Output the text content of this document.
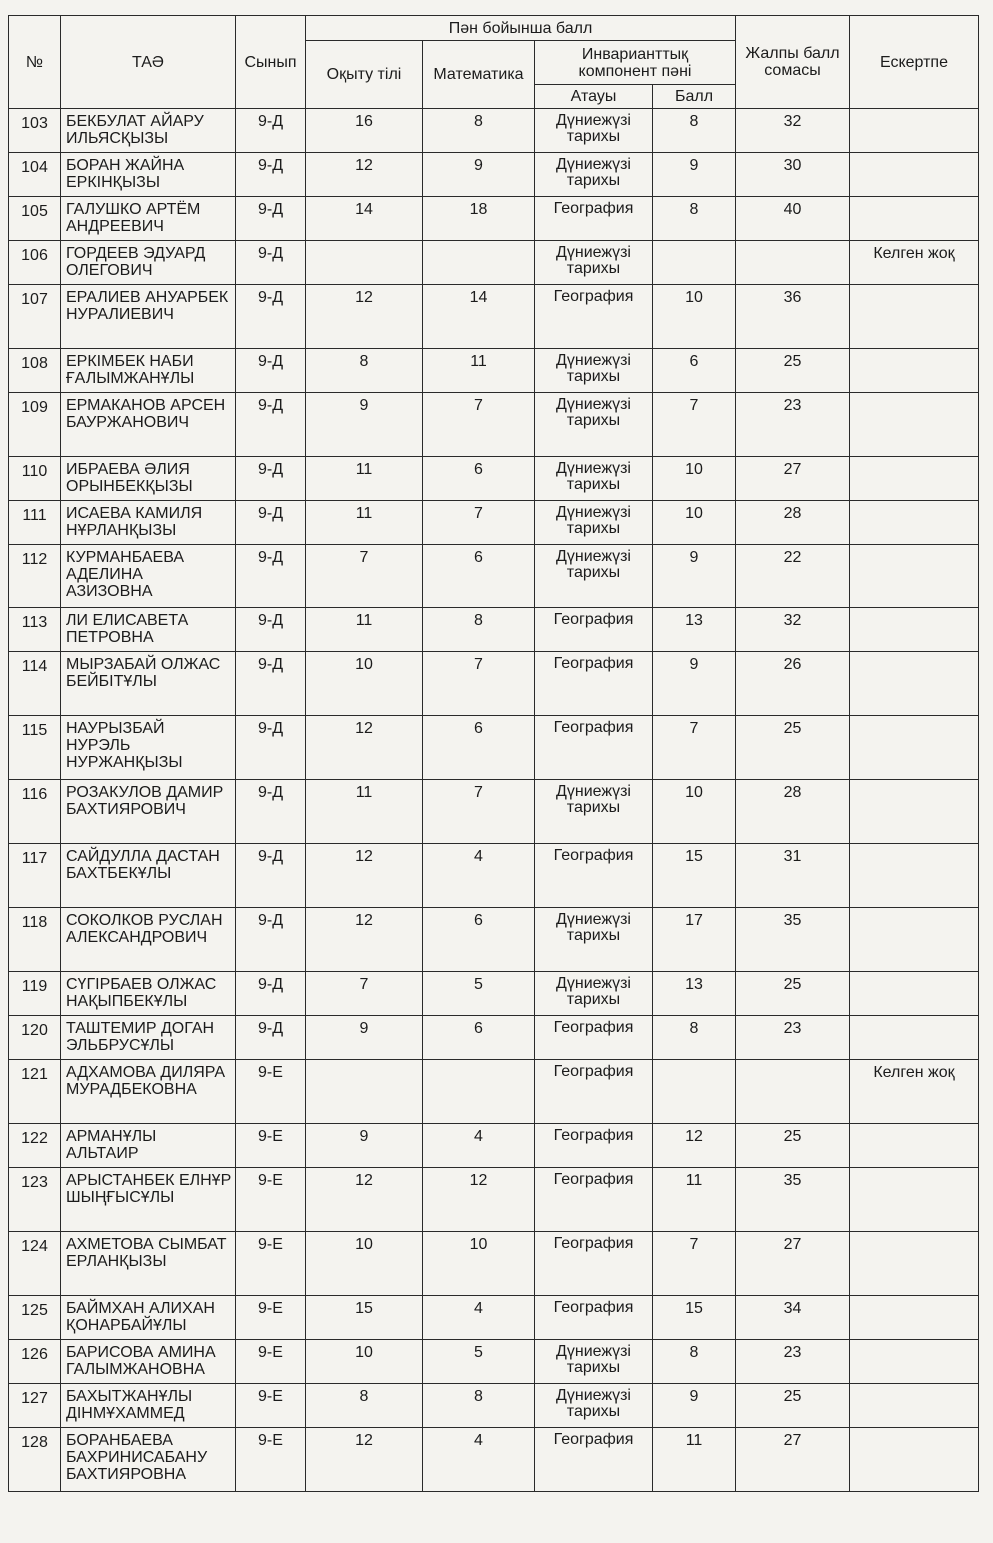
№	ТАӘ	Сынып	Пән бойынша балл				Жалпы балл сомасы	Ескертпе
			Оқыту тілі	Математика	Инварианттық компонент пәні			
					Атауы	Балл		
103	БЕКБУЛАТ АЙАРУ ИЛЬЯСҚЫЗЫ	9-Д	16	8	Дүниежүзі тарихы	8	32	
104	БОРАН ЖАЙНА ЕРКІНҚЫЗЫ	9-Д	12	9	Дүниежүзі тарихы	9	30	
105	ГАЛУШКО АРТЁМ АНДРЕЕВИЧ	9-Д	14	18	География	8	40	
106	ГОРДЕЕВ ЭДУАРД ОЛЕГОВИЧ	9-Д			Дүниежүзі тарихы			Келген жоқ
107	ЕРАЛИЕВ АНУАРБЕК НУРАЛИЕВИЧ	9-Д	12	14	География	10	36	
108	ЕРКІМБЕК НАБИ ҒАЛЫМЖАНҰЛЫ	9-Д	8	11	Дүниежүзі тарихы	6	25	
109	ЕРМАКАНОВ АРСЕН БАУРЖАНОВИЧ	9-Д	9	7	Дүниежүзі тарихы	7	23	
110	ИБРАЕВА ӘЛИЯ ОРЫНБЕКҚЫЗЫ	9-Д	11	6	Дүниежүзі тарихы	10	27	
111	ИСАЕВА КАМИЛЯ НҰРЛАНҚЫЗЫ	9-Д	11	7	Дүниежүзі тарихы	10	28	
112	КУРМАНБАЕВА АДЕЛИНА АЗИЗОВНА	9-Д	7	6	Дүниежүзі тарихы	9	22	
113	ЛИ ЕЛИСАВЕТА ПЕТРОВНА	9-Д	11	8	География	13	32	
114	МЫРЗАБАЙ ОЛЖАС БЕЙБІТҰЛЫ	9-Д	10	7	География	9	26	
115	НАУРЫЗБАЙ НУРЭЛЬ НУРЖАНҚЫЗЫ	9-Д	12	6	География	7	25	
116	РОЗАКУЛОВ ДАМИР БАХТИЯРОВИЧ	9-Д	11	7	Дүниежүзі тарихы	10	28	
117	САЙДУЛЛА ДАСТАН БАХТБЕКҰЛЫ	9-Д	12	4	География	15	31	
118	СОКОЛКОВ РУСЛАН АЛЕКСАНДРОВИЧ	9-Д	12	6	Дүниежүзі тарихы	17	35	
119	СҮГІРБАЕВ ОЛЖАС НАҚЫПБЕКҰЛЫ	9-Д	7	5	Дүниежүзі тарихы	13	25	
120	ТАШТЕМИР ДОГАН ЭЛЬБРУСҰЛЫ	9-Д	9	6	География	8	23	
121	АДХАМОВА ДИЛЯРА МУРАДБЕКОВНА	9-Е			География			Келген жоқ
122	АРМАНҰЛЫ АЛЬТАИР	9-Е	9	4	География	12	25	
123	АРЫСТАНБЕК ЕЛНҰР ШЫҢҒЫСҰЛЫ	9-Е	12	12	География	11	35	
124	АХМЕТОВА СЫМБАТ ЕРЛАНҚЫЗЫ	9-Е	10	10	География	7	27	
125	БАЙМХАН АЛИХАН ҚОНАРБАЙҰЛЫ	9-Е	15	4	География	15	34	
126	БАРИСОВА АМИНА ГАЛЫМЖАНОВНА	9-Е	10	5	Дүниежүзі тарихы	8	23	
127	БАХЫТЖАНҰЛЫ ДІНМҰХАММЕД	9-Е	8	8	Дүниежүзі тарихы	9	25	
128	БОРАНБАЕВА БАХРИНИСАБАНУ БАХТИЯРОВНА	9-Е	12	4	География	11	27	
